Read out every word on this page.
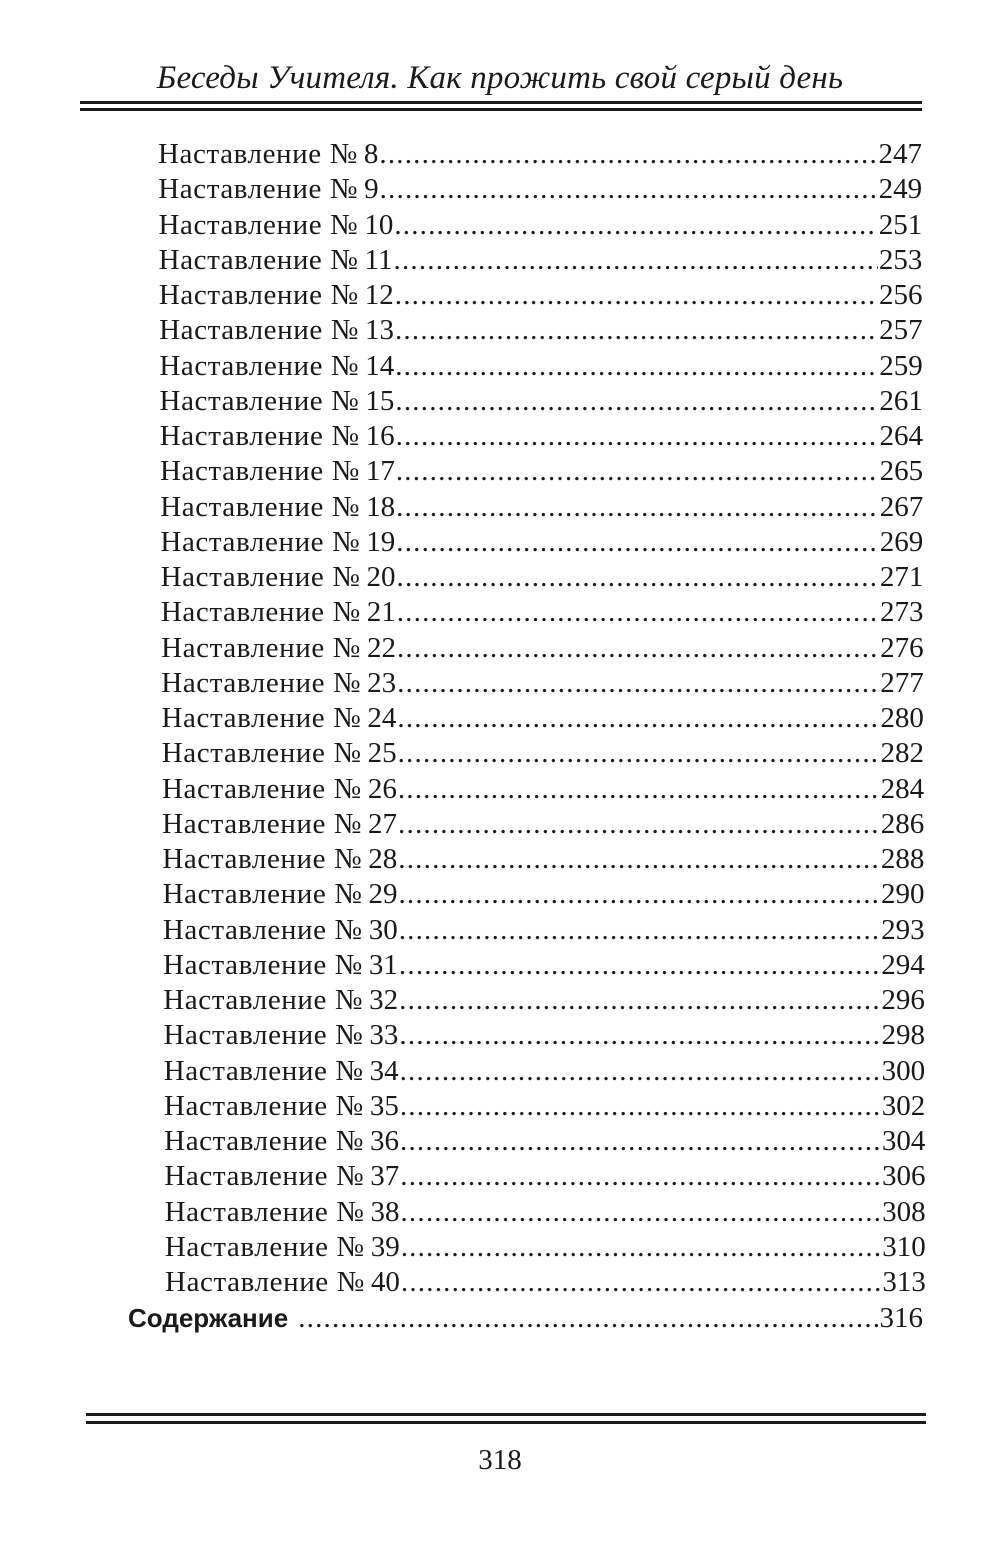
Беседы Учителя. Как прожить свой серый день
Наставление № 8 .....	247
Наставление № 9 .....	249
Наставление № 10 .....	251
Наставление № 11 .....	253
Наставление № 12 .....	256
Наставление № 13 .....	257
Наставление № 14 .....	259
Наставление № 15 .....	261
Наставление № 16 .....	264
Наставление № 17 .....	265
Наставление № 18 .....	267
Наставление № 19 .....	269
Наставление № 20 .....	271
Наставление № 21 .....	273
Наставление № 22 .....	276
Наставление № 23 .....	277
Наставление № 24 .....	280
Наставление № 25 .....	282
Наставление № 26 .....	284
Наставление № 27 .....	286
Наставление № 28 .....	288
Наставление № 29 .....	290
Наставление № 30 .....	293
Наставление № 31 .....	294
Наставление № 32 .....	296
Наставление № 33 .....	298
Наставление № 34 .....	300
Наставление № 35 .....	302
Наставление № 36 .....	304
Наставление № 37 .....	306
Наставление № 38 .....	308
Наставление № 39 .....	310
Наставление № 40 .....	313
Содержание .....	316
318
